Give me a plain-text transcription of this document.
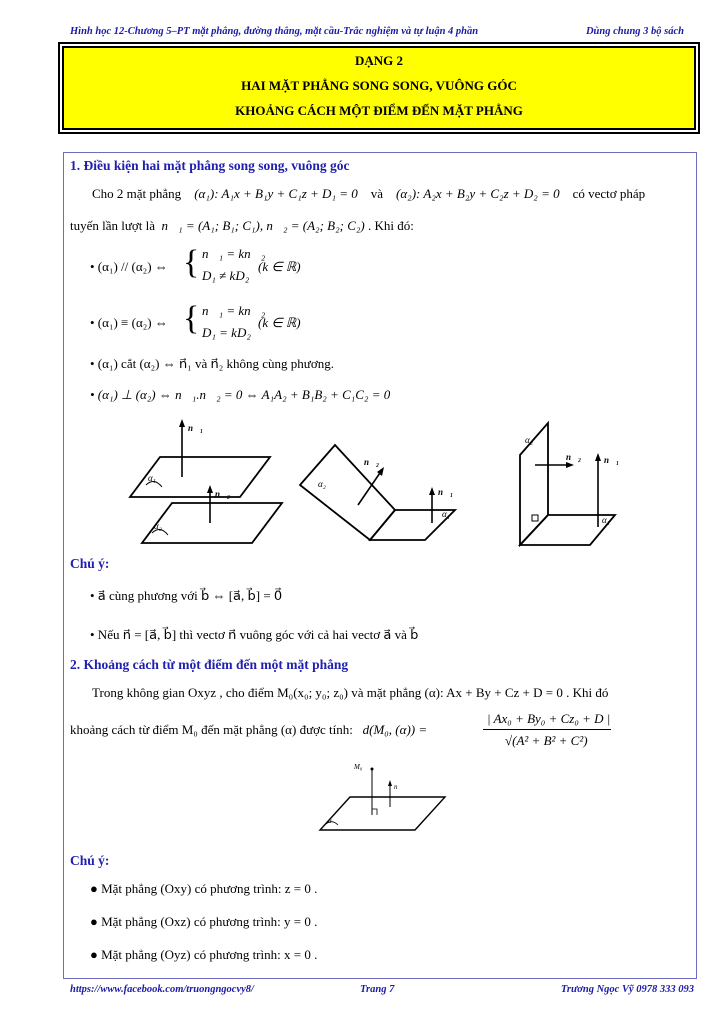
Hình học 12-Chương 5–PT mặt phẳng, đường thẳng, mặt cầu-Trắc nghiệm và tự luận 4 phần	Dùng chung 3 bộ sách
DẠNG 2
HAI MẶT PHẲNG SONG SONG, VUÔNG GÓC
KHOẢNG CÁCH MỘT ĐIỂM ĐẾN MẶT PHẲNG
1. Điều kiện hai mặt phẳng song song, vuông góc
Cho 2 mặt phẳng (α₁): A₁x + B₁y + C₁z + D₁ = 0 và (α₂): A₂x + B₂y + C₂z + D₂ = 0 có vectơ pháp
tuyến lần lượt là n⃗₁ = (A₁; B₁; C₁), n⃗₂ = (A₂; B₂; C₂) . Khi đó:
• (α₁) // (α₂) ⇔ { n⃗₁ = kn⃗₂
D₁ ≠ kD₂
(k ∈ ℝ)
• (α₁) ≡ (α₂) ⇔ { n⃗₁ = kn⃗₂
D₁ = kD₂
(k ∈ ℝ)
• (α₁) cắt (α₂) ⇔ n⃗₁ và n⃗₂ không cùng phương.
• (α₁) ⊥ (α₂) ⇔ n⃗₁.n⃗₂ = 0 ⇔ A₁A₂ + B₁B₂ + C₁C₂ = 0
n⃗₁
α₁
n⃗₂
α₂
n⃗₂
n⃗₁
α₂
α₁
n⃗₂	n⃗₁
α₂
α₁
Chú ý:
• a⃗ cùng phương với b⃗ ⇔ [a⃗, b⃗] = 0⃗
• Nếu n⃗ = [a⃗, b⃗] thì vectơ n⃗ vuông góc với cả hai vectơ a⃗ và b⃗
2. Khoảng cách từ một điểm đến một mặt phẳng
Trong không gian Oxyz , cho điểm M₀(x₀; y₀; z₀) và mặt phẳng (α): Ax + By + Cz + D = 0 . Khi đó
khoảng cách từ điểm M₀ đến mặt phẳng (α) được tính: d(M₀, (α)) =
| Ax₀ + By₀ + Cz₀ + D |
√(A² + B² + C²)
M₀
n⃗
α
Chú ý:
● Mặt phẳng (Oxy) có phương trình: z = 0 .
● Mặt phẳng (Oxz) có phương trình: y = 0 .
● Mặt phẳng (Oyz) có phương trình: x = 0 .
https://www.facebook.com/truongngocvy8/	Trang 7	Trương Ngọc Vỹ 0978 333 093
